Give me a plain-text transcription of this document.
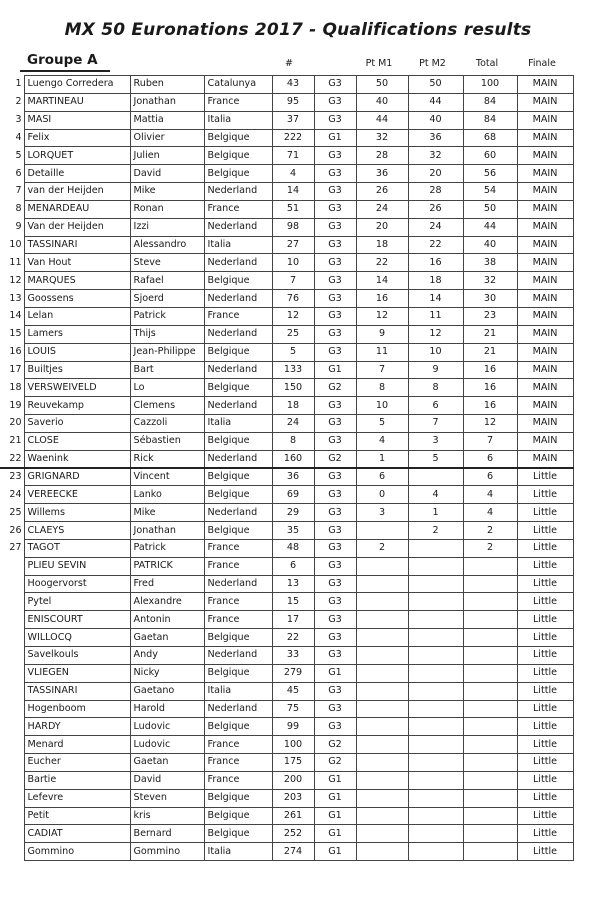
MX 50 Euronations 2017 - Qualifications results
Groupe A	#	Pt M1	Pt M2	Total	Finale
1	Luengo Corredera	Ruben	Catalunya	43	G3	50	50	100	MAIN
2	MARTINEAU	Jonathan	France	95	G3	40	44	84	MAIN
3	MASI	Mattia	Italia	37	G3	44	40	84	MAIN
4	Felix	Olivier	Belgique	222	G1	32	36	68	MAIN
5	LORQUET	Julien	Belgique	71	G3	28	32	60	MAIN
6	Detaille	David	Belgique	4	G3	36	20	56	MAIN
7	van der Heijden	Mike	Nederland	14	G3	26	28	54	MAIN
8	MENARDEAU	Ronan	France	51	G3	24	26	50	MAIN
9	Van der Heijden	Izzi	Nederland	98	G3	20	24	44	MAIN
10	TASSINARI	Alessandro	Italia	27	G3	18	22	40	MAIN
11	Van Hout	Steve	Nederland	10	G3	22	16	38	MAIN
12	MARQUES	Rafael	Belgique	7	G3	14	18	32	MAIN
13	Goossens	Sjoerd	Nederland	76	G3	16	14	30	MAIN
14	Lelan	Patrick	France	12	G3	12	11	23	MAIN
15	Lamers	Thijs	Nederland	25	G3	9	12	21	MAIN
16	LOUIS	Jean-Philippe	Belgique	5	G3	11	10	21	MAIN
17	Builtjes	Bart	Nederland	133	G1	7	9	16	MAIN
18	VERSWEIVELD	Lo	Belgique	150	G2	8	8	16	MAIN
19	Reuvekamp	Clemens	Nederland	18	G3	10	6	16	MAIN
20	Saverio	Cazzoli	Italia	24	G3	5	7	12	MAIN
21	CLOSE	Sébastien	Belgique	8	G3	4	3	7	MAIN
22	Waenink	Rick	Nederland	160	G2	1	5	6	MAIN
23	GRIGNARD	Vincent	Belgique	36	G3	6		6	Little
24	VEREECKE	Lanko	Belgique	69	G3	0	4	4	Little
25	Willems	Mike	Nederland	29	G3	3	1	4	Little
26	CLAEYS	Jonathan	Belgique	35	G3		2	2	Little
27	TAGOT	Patrick	France	48	G3	2		2	Little
	PLIEU SEVIN	PATRICK	France	6	G3				Little
	Hoogervorst	Fred	Nederland	13	G3				Little
	Pytel	Alexandre	France	15	G3				Little
	ENISCOURT	Antonin	France	17	G3				Little
	WILLOCQ	Gaetan	Belgique	22	G3				Little
	Savelkouls	Andy	Nederland	33	G3				Little
	VLIEGEN	Nicky	Belgique	279	G1				Little
	TASSINARI	Gaetano	Italia	45	G3				Little
	Hogenboom	Harold	Nederland	75	G3				Little
	HARDY	Ludovic	Belgique	99	G3				Little
	Menard	Ludovic	France	100	G2				Little
	Eucher	Gaetan	France	175	G2				Little
	Bartie	David	France	200	G1				Little
	Lefevre	Steven	Belgique	203	G1				Little
	Petit	kris	Belgique	261	G1				Little
	CADIAT	Bernard	Belgique	252	G1				Little
	Gommino	Gommino	Italia	274	G1				Little
